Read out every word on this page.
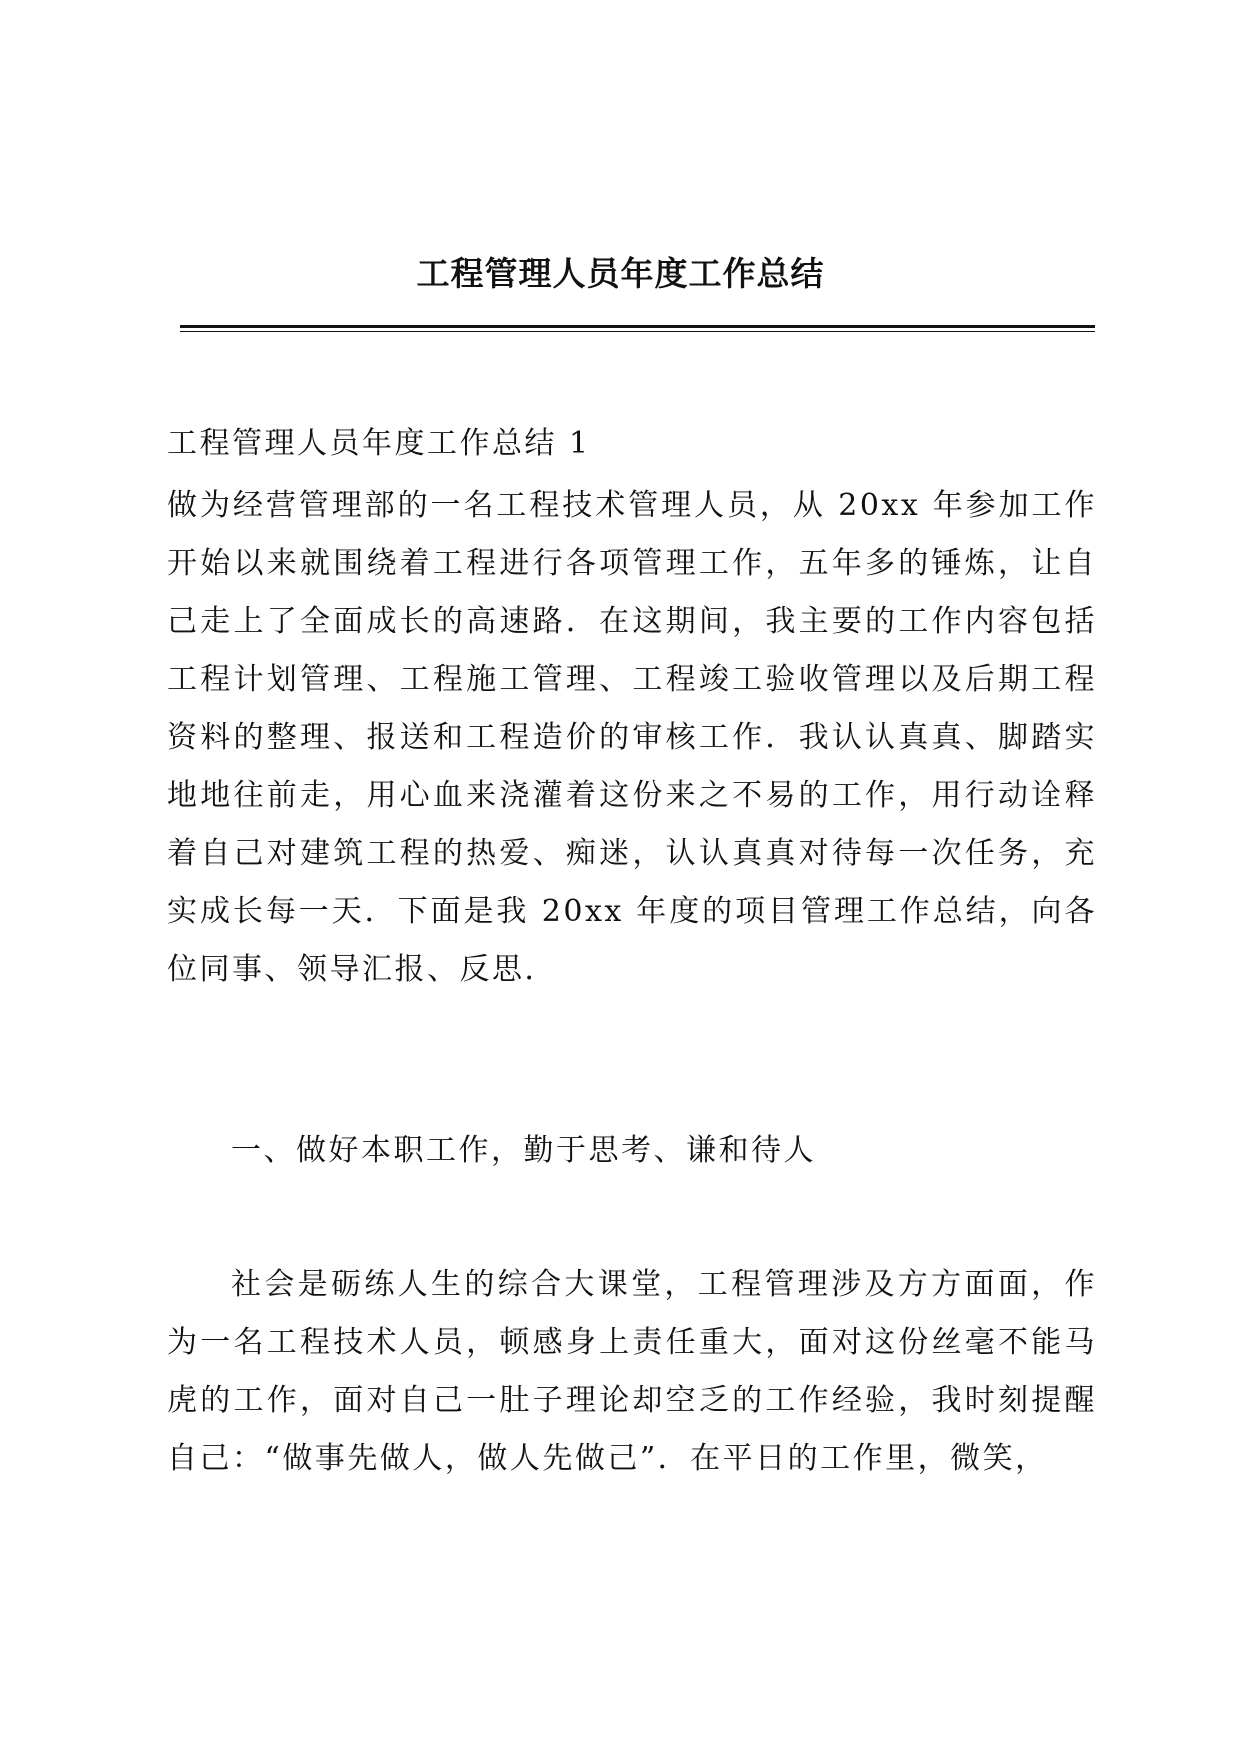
工程管理人员年度工作总结

工程管理人员年度工作总结 1

做为经营管理部的一名工程技术管理人员，从 20xx 年参加工作开始以来就围绕着工程进行各项管理工作，五年多的锤炼，让自己走上了全面成长的高速路．在这期间，我主要的工作内容包括工程计划管理、工程施工管理、工程竣工验收管理以及后期工程资料的整理、报送和工程造价的审核工作．我认认真真、脚踏实地地往前走，用心血来浇灌着这份来之不易的工作，用行动诠释着自己对建筑工程的热爱、痴迷，认认真真对待每一次任务，充实成长每一天．下面是我 20xx 年度的项目管理工作总结，向各位同事、领导汇报、反思．

一、做好本职工作，勤于思考、谦和待人

社会是砺练人生的综合大课堂，工程管理涉及方方面面，作为一名工程技术人员，顿感身上责任重大，面对这份丝毫不能马虎的工作，面对自己一肚子理论却空乏的工作经验，我时刻提醒自己：“做事先做人，做人先做己”．在平日的工作里，微笑，
